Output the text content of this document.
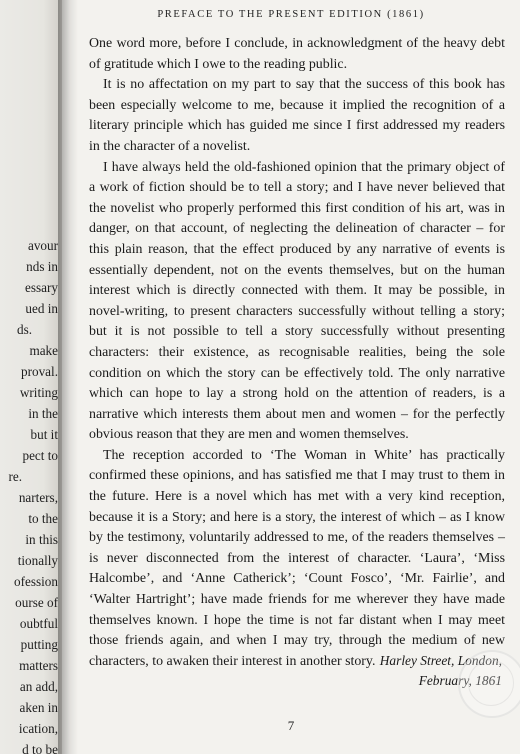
avour
nds in
essary
ued in
ds.
make
proval.
writing
in the
but it
pect to
re.
narters,
to the
in this
tionally
ofession
ourse of
oubtful
putting
matters
an add,
aken in
ication,
d to be
PREFACE TO THE PRESENT EDITION (1861)

One word more, before I conclude, in acknowledgment of the heavy debt of gratitude which I owe to the reading public.

It is no affectation on my part to say that the success of this book has been especially welcome to me, because it implied the recognition of a literary principle which has guided me since I first addressed my readers in the character of a novelist.

I have always held the old-fashioned opinion that the primary object of a work of fiction should be to tell a story; and I have never believed that the novelist who properly performed this first condition of his art, was in danger, on that account, of neglecting the delineation of character – for this plain reason, that the effect produced by any narrative of events is essentially dependent, not on the events themselves, but on the human interest which is directly connected with them. It may be possible, in novel-writing, to present characters successfully without telling a story; but it is not possible to tell a story successfully without presenting characters: their existence, as recognisable realities, being the sole condition on which the story can be effectively told. The only narrative which can hope to lay a strong hold on the attention of readers, is a narrative which interests them about men and women – for the perfectly obvious reason that they are men and women themselves.

The reception accorded to ‘The Woman in White’ has practically confirmed these opinions, and has satisfied me that I may trust to them in the future. Here is a novel which has met with a very kind reception, because it is a Story; and here is a story, the interest of which – as I know by the testimony, voluntarily addressed to me, of the readers themselves – is never disconnected from the interest of character. ‘Laura’, ‘Miss Halcombe’, and ‘Anne Catherick’; ‘Count Fosco’, ‘Mr. Fairlie’, and ‘Walter Hartright’; have made friends for me wherever they have made themselves known. I hope the time is not far distant when I may meet those friends again, and when I may try, through the medium of new characters, to awaken their interest in another story. Harley Street, London,
February, 1861
7
